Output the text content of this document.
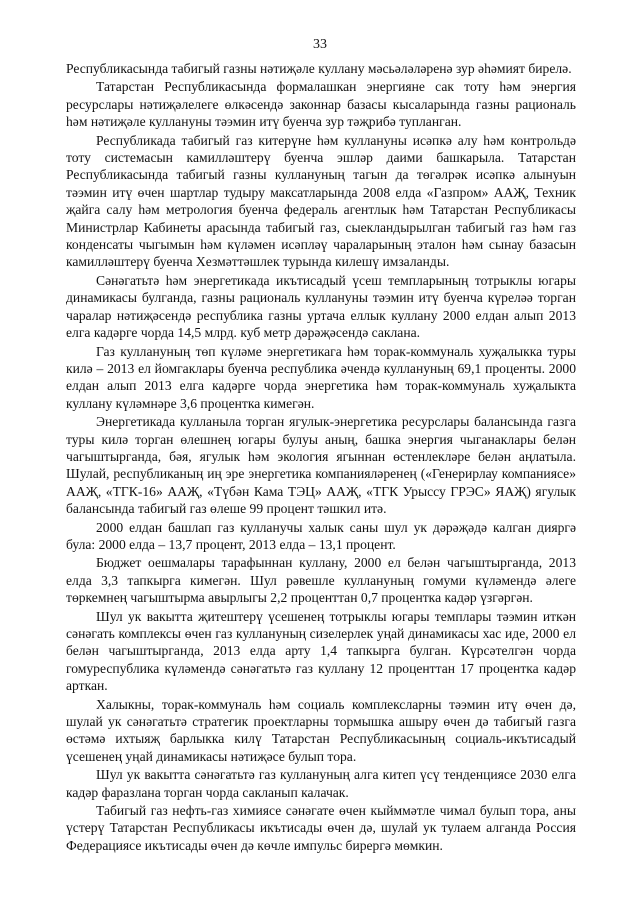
33

Республикасында табигый газны нәтиҗәле куллану мәсьәләләренә зур әһәмият бирелә.

Татарстан Республикасында формалашкан энергияне сак тоту һәм энергия ресурслары нәтиҗәлелеге өлкәсендә законнар базасы кысаларында газны рациональ һәм нәтиҗәле куллануны тәэмин итү буенча зур тәҗрибә тупланган.

Республикада табигый газ китерүне һәм куллануны исәпкә алу һәм контрольдә тоту системасын камилләштерү буенча эшләр даими башкарыла. Татарстан Республикасында табигый газны куллануның тагын да төгәлрәк исәпкә алынуын тәэмин итү өчен шартлар тудыру максатларында 2008 елда «Газпром» ААҖ, Техник җайга салу һәм метрология буенча федераль агентлык һәм Татарстан Республикасы Министрлар Кабинеты арасында табигый газ, сыекландырылган табигый газ һәм газ конденсаты чыгымын һәм күләмен исәпләү чараларының эталон һәм сынау базасын камилләштерү буенча Хезмәттәшлек турында килешү имзаланды.

Сәнәгатьтә һәм энергетикада икътисадый үсеш темпларының тотрыклы югары динамикасы булганда, газны рациональ куллануны тәэмин итү буенча күреләә торган чаралар нәтиҗәсендә республика газны уртача еллык куллану 2000 елдан алып 2013 елга кадәрге чорда 14,5 млрд. куб метр дәрәҗәсендә саклана.

Газ куллануның төп күләме энергетикага һәм торак-коммуналь хуҗалыкка туры килә – 2013 ел йомгаклары буенча республика әчендә куллануның 69,1 проценты. 2000 елдан алып 2013 елга кадәрге чорда энергетика һәм торак-коммуналь хуҗалыкта куллану күләмнәре 3,6 процентка кимегән.

Энергетикада кулланыла торган ягулык-энергетика ресурслары балансында газга туры килә торган өлешнең югары булуы аның, башка энергия чыганаклары белән чагыштырганда, бәя, ягулык һәм экология ягыннан өстенлекләре белән аңлатыла. Шулай, республиканың иң эре энергетика компанияләренең («Генерирлау компаниясе» ААҖ, «ТГК-16» ААҖ, «Түбән Кама ТЭЦ» ААҖ, «ТГК Урыссу ГРЭС» ЯАҖ) ягулык балансында табигый газ өлеше 99 процент тәшкил итә.

2000 елдан башлап газ кулланучы халык саны шул ук дәрәҗәдә калган дияргә була: 2000 елда – 13,7 процент, 2013 елда – 13,1 процент.

Бюджет оешмалары тарафыннан куллану, 2000 ел белән чагыштырганда, 2013 елда 3,3 тапкырга кимегән. Шул рәвешле куллануның гомуми күләмендә әлеге төркемнең чагыштырма авырлыгы 2,2 проценттан 0,7 процентка кадәр үзгәргән.

Шул ук вакытта җитештерү үсешенең тотрыклы югары темплары тәэмин иткән сәнәгать комплексы өчен газ куллануның сизелерлек уңай динамикасы хас иде, 2000 ел белән чагыштырганда, 2013 елда арту 1,4 тапкырга булган. Күрсәтелгән чорда гомуреспублика күләмендә сәнәгатьтә газ куллану 12 проценттан 17 процентка кадәр арткан.

Халыкны, торак-коммуналь һәм социаль комплексларны тәэмин итү өчен дә, шулай ук сәнәгатьтә стратегик проектларны тормышка ашыру өчен дә табигый газга өстәмә ихтыяҗ барлыкка килү Татарстан Республикасының социаль-икътисадый үсешенең уңай динамикасы нәтиҗәсе булып тора.

Шул ук вакытта сәнәгатьтә газ куллануның алга китеп үсү тенденциясе 2030 елга кадәр фаразлана торган чорда сакланып калачак.

Табигый газ нефть-газ химиясе сәнәгате өчен кыйммәтле чимал булып тора, аны үстерү Татарстан Республикасы икътисады өчен дә, шулай ук тулаем алганда Россия Федерациясе икътисады өчен дә көчле импульс бирергә мөмкин.
